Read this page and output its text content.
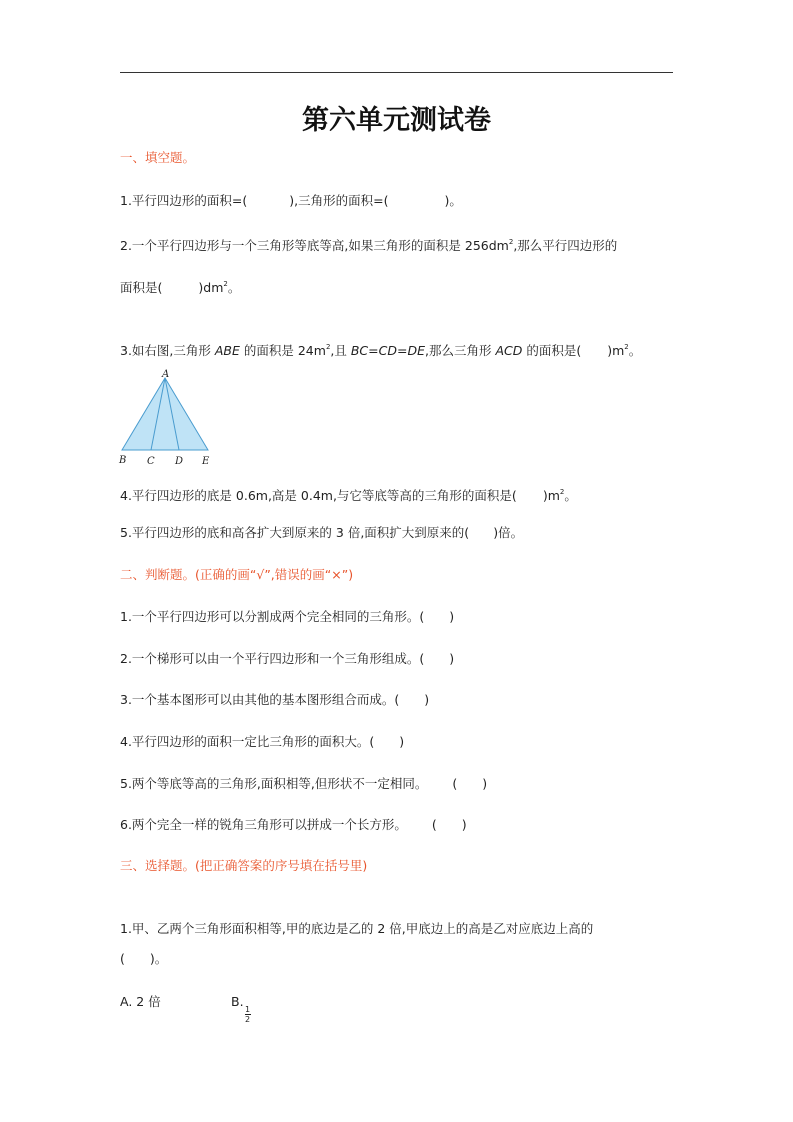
第六单元测试卷
一、填空题。
1.平行四边形的面积=(	),三角形的面积=(	)。
2.一个平行四边形与一个三角形等底等高,如果三角形的面积是 $256dm^2$,那么平行四边形的
面积是(	)$dm^2$。
3.如右图,三角形 ABE 的面积是 $24m^2$,且 BC=CD=DE,那么三角形 ACD 的面积是( )$m^2$。
A
B C D E
4.平行四边形的底是 0.6m,高是 0.4m,与它等底等高的三角形的面积是( )$m^2$。
5.平行四边形的底和高各扩大到原来的 3 倍,面积扩大到原来的( )倍。
二、判断题。(正确的画“√”,错误的画“×”)
1.一个平行四边形可以分割成两个完全相同的三角形。(  )
2.一个梯形可以由一个平行四边形和一个三角形组成。(  )
3.一个基本图形可以由其他的基本图形组合而成。(  )
4.平行四边形的面积一定比三角形的面积大。(  )
5.两个等底等高的三角形,面积相等,但形状不一定相同。  (  )
6.两个完全一样的锐角三角形可以拼成一个长方形。  (  )
三、选择题。(把正确答案的序号填在括号里)
1.甲、乙两个三角形面积相等,甲的底边是乙的 2 倍,甲底边上的高是乙对应底边上高的
(  )。
A. 2 倍	B.
$\frac{1}{2}$
